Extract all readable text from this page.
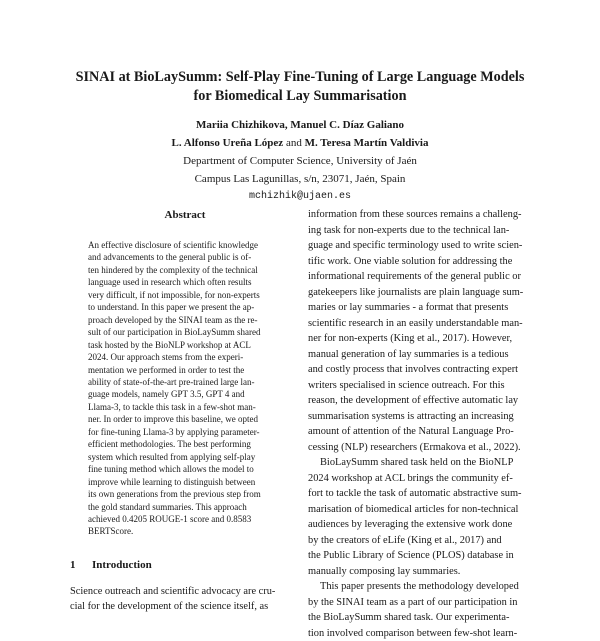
SINAI at BioLaySumm: Self-Play Fine-Tuning of Large Language Models
for Biomedical Lay Summarisation
Mariia Chizhikova, Manuel C. Díaz Galiano
L. Alfonso Ureña López and M. Teresa Martín Valdivia
Department of Computer Science, University of Jaén
Campus Las Lagunillas, s/n, 23071, Jaén, Spain
mchizhik@ujaen.es
Abstract
An effective disclosure of scientific knowledge
and advancements to the general public is of-
ten hindered by the complexity of the technical
language used in research which often results
very difficult, if not impossible, for non-experts
to understand. In this paper we present the ap-
proach developed by the SINAI team as the re-
sult of our participation in BioLaySumm shared
task hosted by the BioNLP workshop at ACL
2024. Our approach stems from the experi-
mentation we performed in order to test the
ability of state-of-the-art pre-trained large lan-
guage models, namely GPT 3.5, GPT 4 and
Llama-3, to tackle this task in a few-shot man-
ner. In order to improve this baseline, we opted
for fine-tuning Llama-3 by applying parameter-
efficient methodologies. The best performing
system which resulted from applying self-play
fine tuning method which allows the model to
improve while learning to distinguish between
its own generations from the previous step from
the gold standard summaries. This approach
achieved 0.4205 ROUGE-1 score and 0.8583
BERTScore.
1 Introduction
Science outreach and scientific advocacy are cru-
cial for the development of the science itself, as
information from these sources remains a challeng-
ing task for non-experts due to the technical lan-
guage and specific terminology used to write scien-
tific work. One viable solution for addressing the
informational requirements of the general public or
gatekeepers like journalists are plain language sum-
maries or lay summaries - a format that presents
scientific research in an easily understandable man-
ner for non-experts (King et al., 2017). However,
manual generation of lay summaries is a tedious
and costly process that involves contracting expert
writers specialised in science outreach. For this
reason, the development of effective automatic lay
summarisation systems is attracting an increasing
amount of attention of the Natural Language Pro-
cessing (NLP) researchers (Ermakova et al., 2022).
BioLaySumm shared task held on the BioNLP
2024 workshop at ACL brings the community ef-
fort to tackle the task of automatic abstractive sum-
marisation of biomedical articles for non-technical
audiences by leveraging the extensive work done
by the creators of eLife (King et al., 2017) and
the Public Library of Science (PLOS) database in
manually composing lay summaries.
This paper presents the methodology developed
by the SINAI team as a part of our participation in
the BioLaySumm shared task. Our experimenta-
tion involved comparison between few-shot learn-
